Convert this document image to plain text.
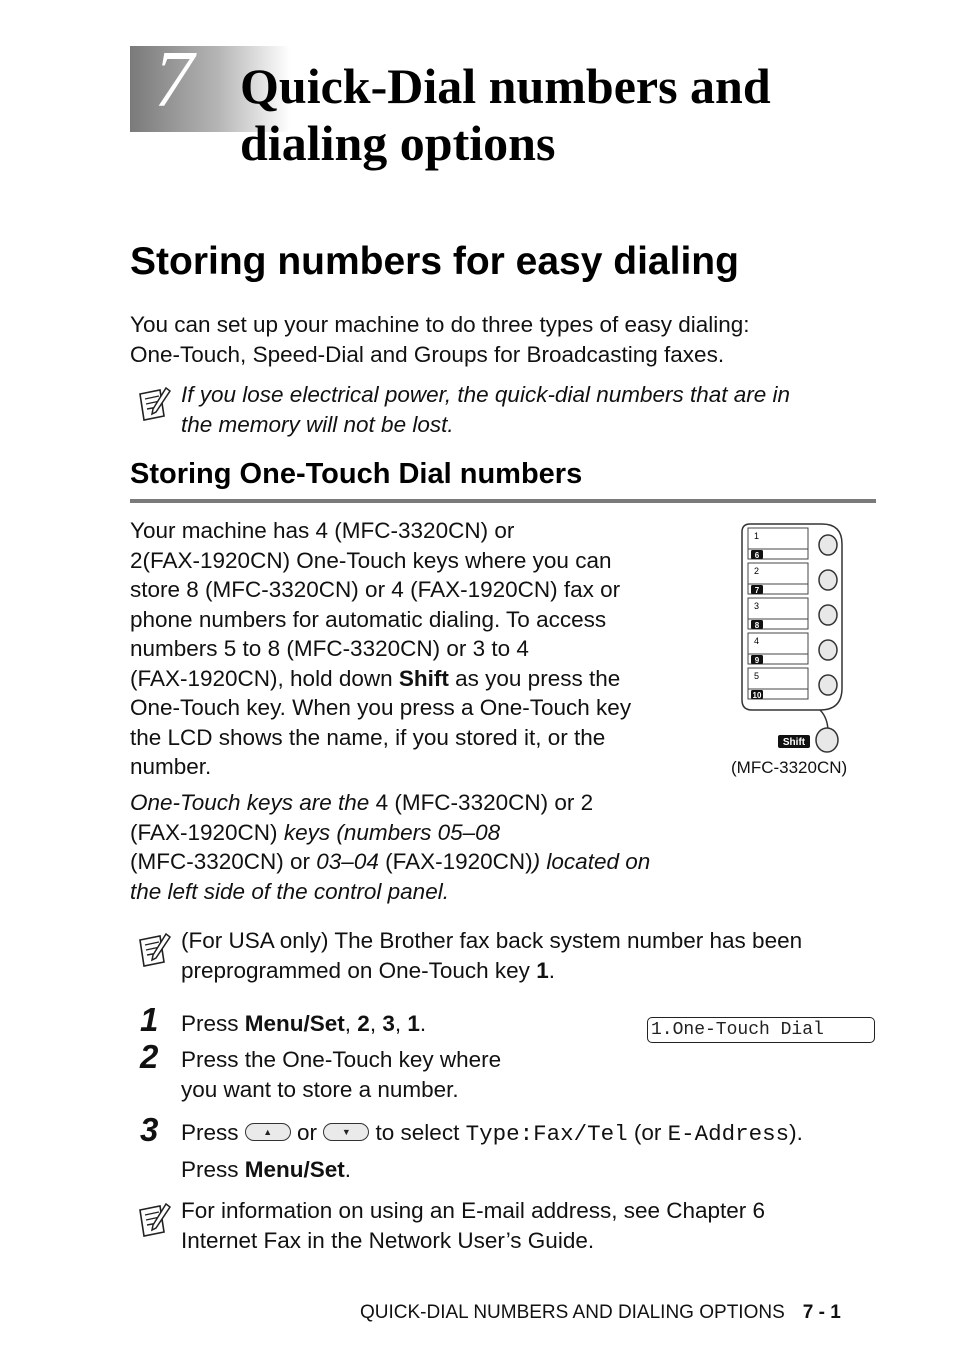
7 Quick-Dial numbers and
dialing options
Storing numbers for easy dialing
You can set up your machine to do three types of easy dialing:
One-Touch, Speed-Dial and Groups for Broadcasting faxes.
If you lose electrical power, the quick-dial numbers that are in
the memory will not be lost.
Storing One-Touch Dial numbers
Your machine has 4 (MFC-3320CN) or
2(FAX-1920CN) One-Touch keys where you can
store 8 (MFC-3320CN) or 4 (FAX-1920CN) fax or
phone numbers for automatic dialing. To access
numbers 5 to 8 (MFC-3320CN) or 3 to 4
(FAX-1920CN), hold down Shift as you press the
One-Touch key. When you press a One-Touch key
the LCD shows the name, if you stored it, or the
number.
One-Touch keys are the 4 (MFC-3320CN) or 2
(FAX-1920CN) keys (numbers 05–08
(MFC-3320CN) or 03–04 (FAX-1920CN)) located on
the left side of the control panel.
1
6
2
7
3
8
4
9
5
10
Shift
(MFC-3320CN)
(For USA only) The Brother fax back system number has been
preprogrammed on One-Touch key 1.
1 Press Menu/Set, 2, 3, 1.	1.One-Touch Dial
2 Press the One-Touch key where
you want to store a number.
3 Press	▲ or	▼ to select Type:Fax/Tel (or E-Address).
Press Menu/Set.
For information on using an E-mail address, see Chapter 6
Internet Fax in the Network User’s Guide.
QUICK-DIAL NUMBERS AND DIALING OPTIONS 7 - 1
